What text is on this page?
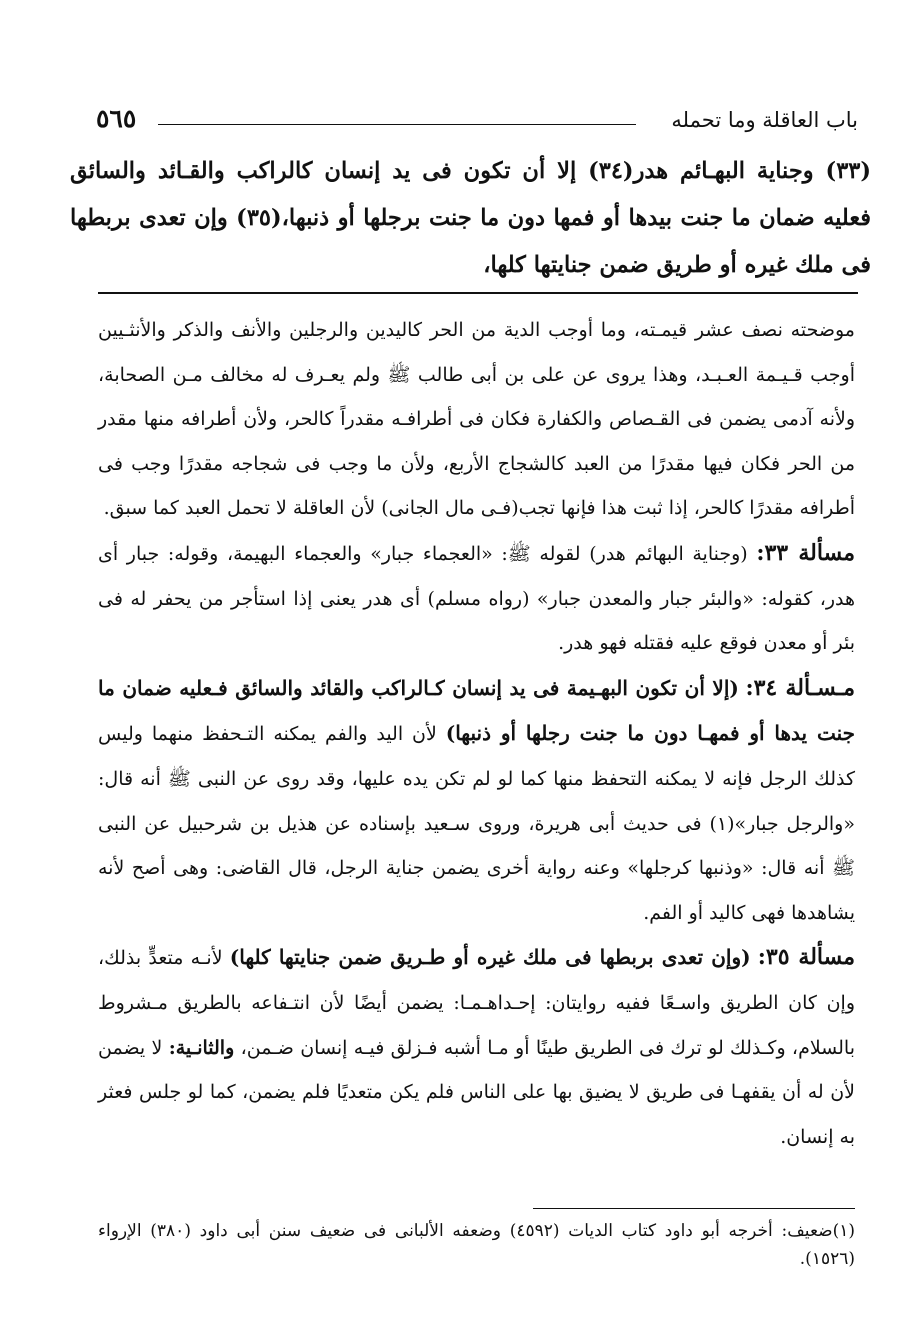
باب العاقلة وما تحمله
٥٦٥
(٣٣) وجناية البهـائم هدر(٣٤) إلا أن تكون فى يد إنسان كالراكب والقـائد والسائق فعليه ضمان ما جنت بيدها أو فمها دون ما جنت برجلها أو ذنبها،(٣٥) وإن تعدى بربطها فى ملك غيره أو طريق ضمن جنايتها كلها،

موضحته نصف عشر قيمـته، وما أوجب الدية من الحر كاليدين والرجلين والأنف والذكر والأنثـيين أوجب قـيـمة العـبـد، وهذا يروى عن على بن أبى طالب ﷺ ولم يعـرف له مخالف مـن الصحابة، ولأنه آدمى يضمن فى القـصاص والكفارة فكان فى أطرافـه مقدراً كالحر، ولأن أطرافه منها مقدر من الحر فكان فيها مقدرًا من العبد كالشجاج الأربع، ولأن ما وجب فى شجاجه مقدرًا وجب فى أطرافه مقدرًا كالحر، إذا ثبت هذا فإنها تجب(فـى مال الجانى) لأن العاقلة لا تحمل العبد كما سبق.

مسألة ٣٣: (وجناية البهائم هدر) لقوله ﷺ: «العجماء جبار» والعجماء البهيمة، وقوله: جبار أى هدر، كقوله: «والبئر جبار والمعدن جبار» (رواه مسلم) أى هدر يعنى إذا استأجر من يحفر له فى بئر أو معدن فوقع عليه فقتله فهو هدر.

مـسـألة ٣٤: (إلا أن تكون البهـيمة فى يد إنسان كـالراكب والقائد والسائق فـعليه ضمان ما جنت يدها أو فمهـا دون ما جنت رجلها أو ذنبها) لأن اليد والفم يمكنه التـحفظ منهما وليس كذلك الرجل فإنه لا يمكنه التحفظ منها كما لو لم تكن يده عليها، وقد روى عن النبى ﷺ أنه قال: «والرجل جبار»(١) فى حديث أبى هريرة، وروى سـعيد بإسناده عن هذيل بن شرحبيل عن النبى ﷺ أنه قال: «وذنبها كرجلها» وعنه رواية أخرى يضمن جناية الرجل، قال القاضى: وهى أصح لأنه يشاهدها فهى كاليد أو الفم.

مسألة ٣٥: (وإن تعدى بربطها فى ملك غيره أو طـريق ضمن جنايتها كلها) لأنـه متعدٍّ بذلك، وإن كان الطريق واسـعًا ففيه روايتان: إحـداهـمـا: يضمن أيضًا لأن انتـفاعه بالطريق مـشروط بالسلام، وكـذلك لو ترك فى الطريق طينًا أو مـا أشبه فـزلق فيـه إنسان ضـمن، والثانـية: لا يضمن لأن له أن يقفهـا فى طريق لا يضيق بها على الناس فلم يكن متعديًا فلم يضمن، كما لو جلس فعثر به إنسان.

(١)ضعيف: أخرجه أبو داود كتاب الديات (٤٥٩٢) وضعفه الألبانى فى ضعيف سنن أبى داود (٣٨٠) الإرواء (١٥٢٦).
